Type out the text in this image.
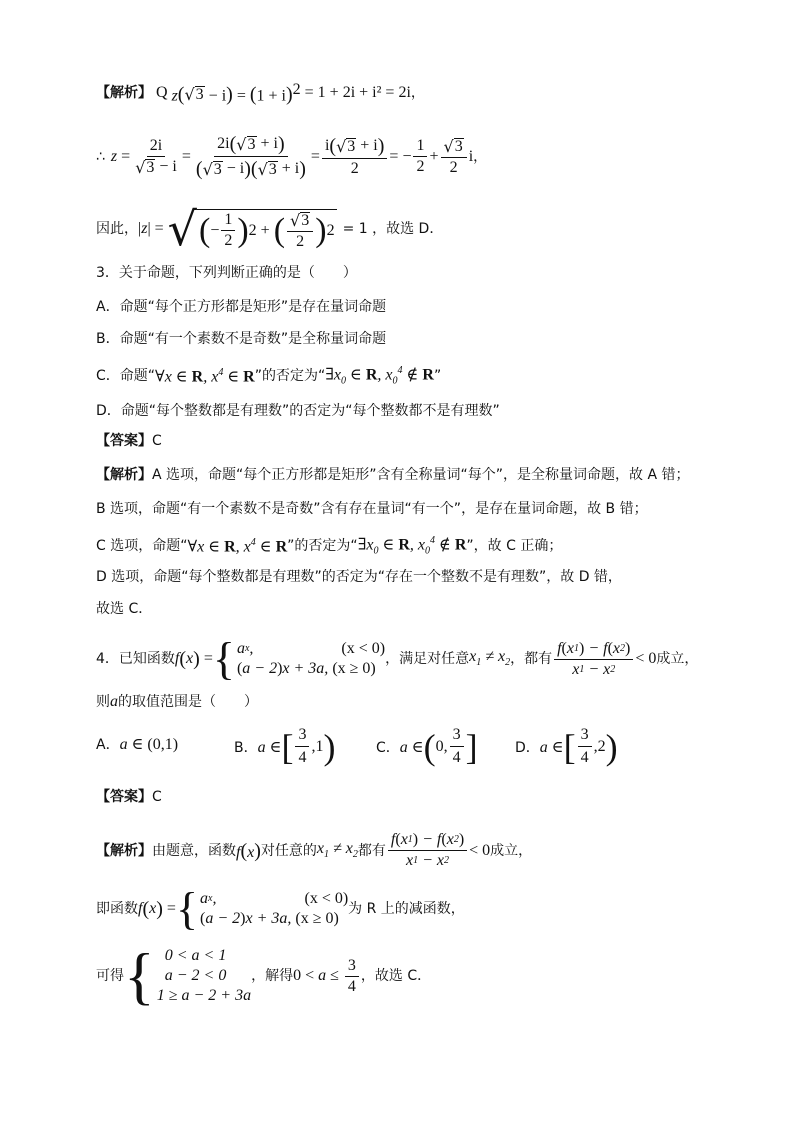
【解析】 Q z( √ $3 - i) = (1 + i)^2 = 1 + 2i + i^2 = 2i$ ，
∴ $z = \frac{2i}{√ 3 - i} = \frac{2i ( √ 3 + i )}{( √ 3 - i ) ( √ 3 + i )} = \frac{i ( √ 3 + i )}{2}$ = − $\frac{1}{2} + \frac{√ 3}{2}$ i ，
因此， | z |
=
√ ( − $\frac{1}{2}$ ) 2 + ( $\frac{√ 3}{2}$ ) 2 = 1 ，故选 D．
3．关于命题，下列判断正确的是（　　）
A．命题“每个正方形都是矩形”是存在量词命题
B．命题“有一个素数不是奇数”是全称量词命题
C．命题“ ∀x ∈ R, $x^4$ ∈ R ”的否定为“ $\exists x_0$ ∈ R, $x_0^4$ ∉ R ”
D．命题“每个整数都是有理数”的否定为“每个整数都不是有理数”
【答案】 C
【解析】 A 选项，命题“每个正方形都是矩形”含有全称量词“每个”，是全称量词命题，故 A 错；
B 选项，命题“有一个素数不是奇数”含有存在量词“有一个”，是存在量词命题，故 B 错；
C 选项，命题“ ∀x ∈ R, $x^4$ ∈ R ”的否定为“ $\exists x_0$ ∈ R, $x_0^4$ ∉ R ”，故 C 正确；
D 选项，命题“每个整数都是有理数”的否定为“存在一个整数不是有理数”，故 D 错，
故选 C．
4．已知函数 f ( x )
= { a x ,	(x < 0)
( a − 2 ) x + 3a, (x ≥ 0)
，满足对任意 $x_1 \ne x_2$ ，都有 $\frac{f ( x 1 ) - f ( x 2 )}{x 1 - x 2} < 0$ 成立，
则 a 的取值范围是（　　）
A． a ∈ (0,1)	B． a ∈ [ $\frac{3}{4} ,1$ )	C． a ∈ ( 0, $\frac{3}{4}$ ]	D． a ∈ [ $\frac{3}{4} ,2$ )
【答案】 C
【解析】 由题意，函数 f(x) 对任意的 $x_1 \ne x_2$ 都有 $\frac{f ( x 1 ) - f ( x 2 )}{x 1 - x 2} < 0$ 成立，
即函数 f ( x )
= { a x ,	(x < 0)
( a − 2 ) x + 3a, (x ≥ 0)
为 R 上的减函数，
可得 { 0 < a < 1
a − 2 < 0
1 ≥ a − 2 + 3a
，解得 $0 < a \le \frac{3}{4}$ ，故选 C．
